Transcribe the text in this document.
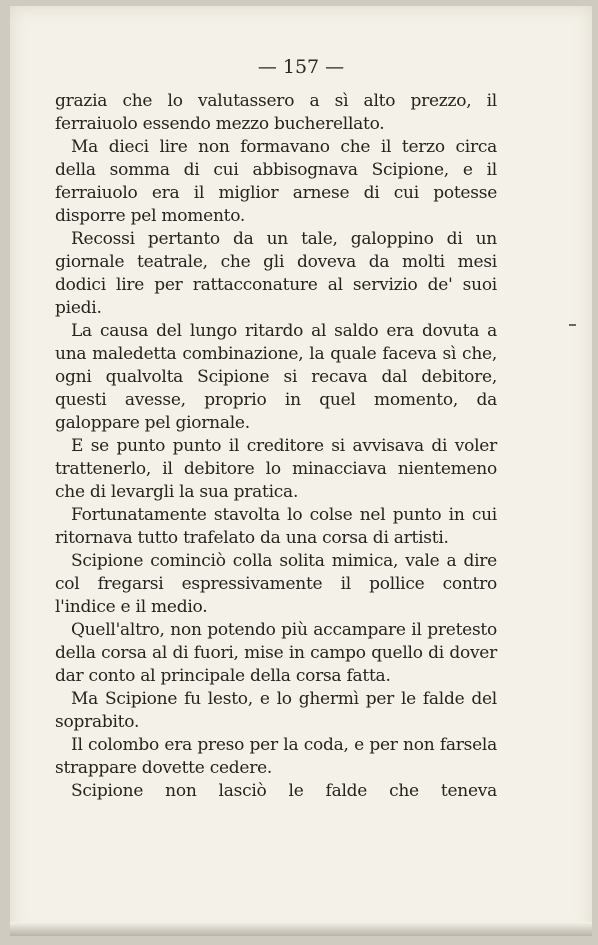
— 157 —

grazia che lo valutassero a sì alto prezzo, il ferraiuolo essendo mezzo bucherellato.

Ma dieci lire non formavano che il terzo circa della somma di cui abbisognava Scipione, e il ferraiuolo era il miglior arnese di cui potesse disporre pel momento.

Recossi pertanto da un tale, galoppino di un giornale teatrale, che gli doveva da molti mesi dodici lire per rattacconature al servizio de' suoi piedi.

La causa del lungo ritardo al saldo era dovuta a una maledetta combinazione, la quale faceva sì che, ogni qualvolta Scipione si recava dal debitore, questi avesse, proprio in quel momento, da galoppare pel giornale.

E se punto punto il creditore si avvisava di voler trattenerlo, il debitore lo minacciava nientemeno che di levargli la sua pratica.

Fortunatamente stavolta lo colse nel punto in cui ritornava tutto trafelato da una corsa di artisti.

Scipione cominciò colla solita mimica, vale a dire col fregarsi espressivamente il pollice contro l'indice e il medio.

Quell'altro, non potendo più accampare il pretesto della corsa al di fuori, mise in campo quello di dover dar conto al principale della corsa fatta.

Ma Scipione fu lesto, e lo ghermì per le falde del soprabito.

Il colombo era preso per la coda, e per non farsela strappare dovette cedere.

Scipione non lasciò le falde che teneva
